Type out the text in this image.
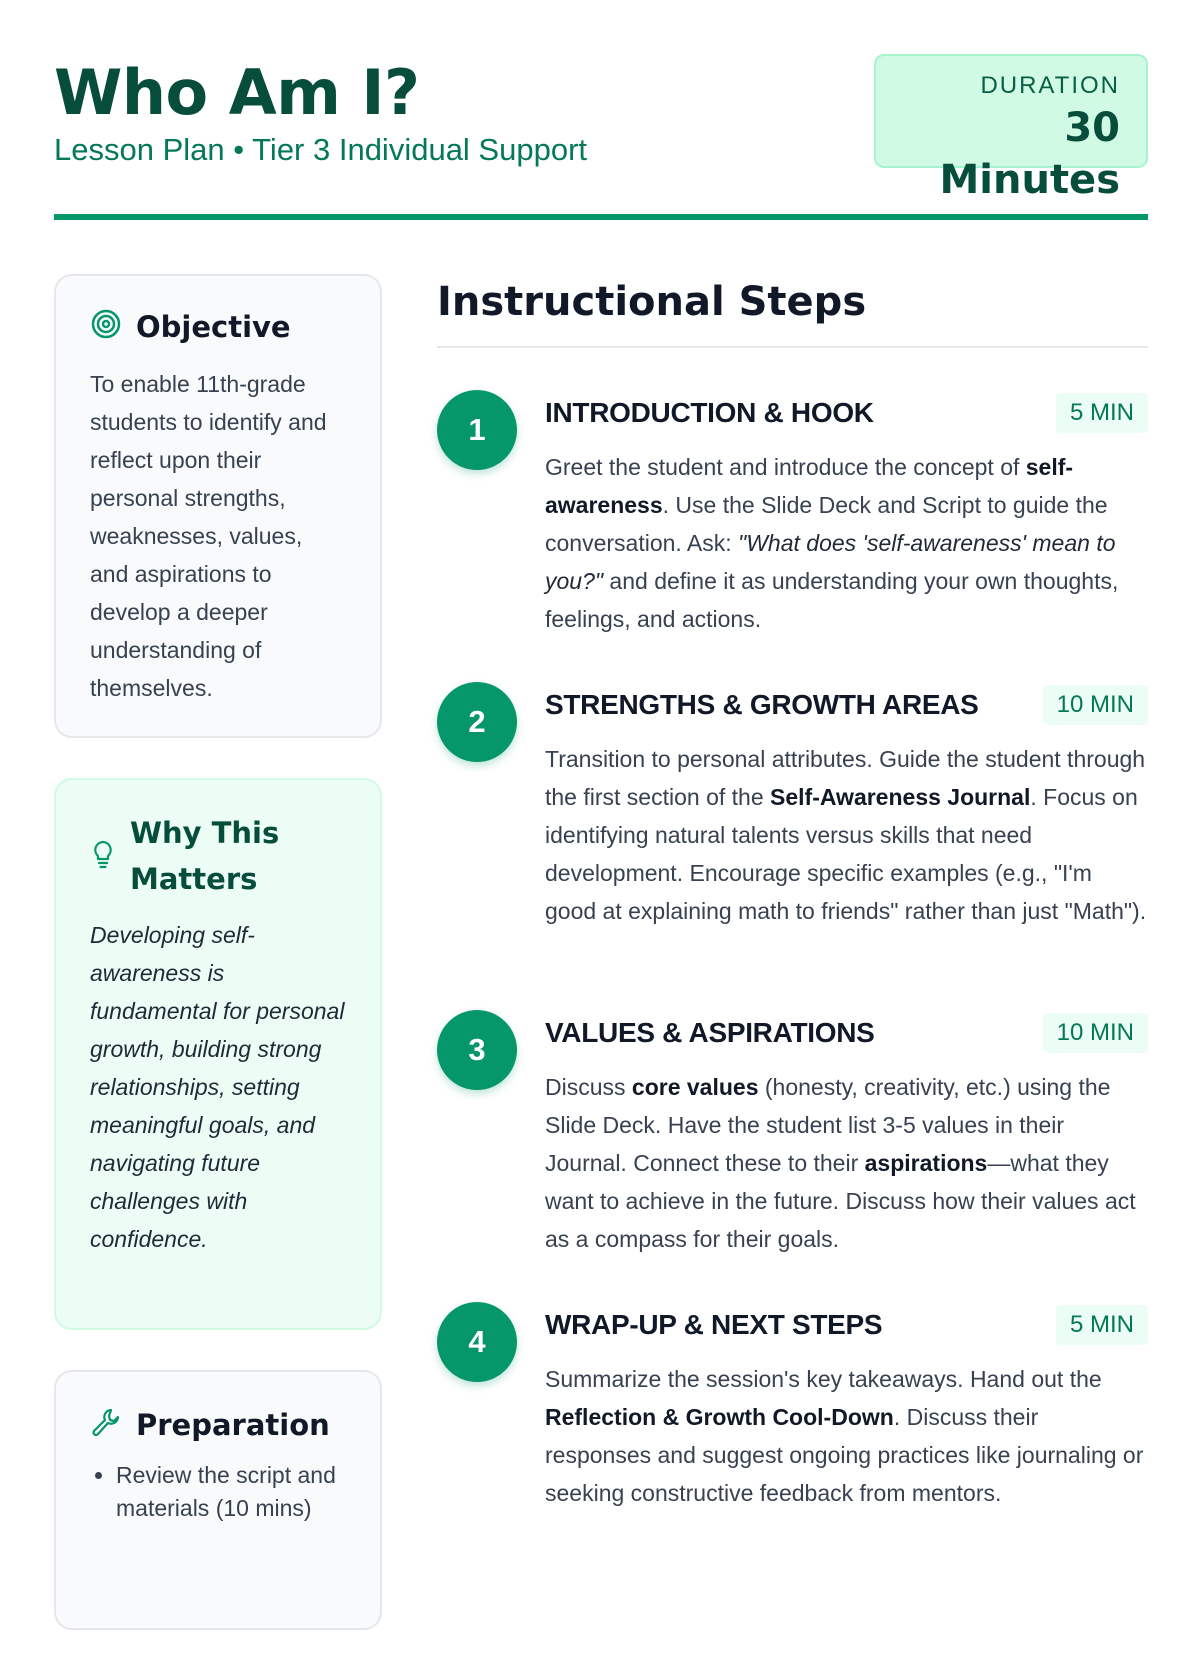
Who Am I?
Lesson Plan • Tier 3 Individual Support
DURATION
30 Minutes
Objective

To enable 11th-grade students to identify and reflect upon their personal strengths, weaknesses, values, and aspirations to develop a deeper understanding of themselves.

Why This Matters

Developing self-awareness is fundamental for personal growth, building strong relationships, setting meaningful goals, and navigating future challenges with confidence.

Preparation
• Review the script and materials (10 mins)
Instructional Steps
1	INTRODUCTION & HOOK	5 MIN

Greet the student and introduce the concept of self-awareness. Use the Slide Deck and Script to guide the conversation. Ask: "What does 'self-awareness' mean to you?" and define it as understanding your own thoughts, feelings, and actions.

2	STRENGTHS & GROWTH AREAS	10 MIN

Transition to personal attributes. Guide the student through the first section of the Self-Awareness Journal. Focus on identifying natural talents versus skills that need development. Encourage specific examples (e.g., "I'm good at explaining math to friends" rather than just "Math").

3	VALUES & ASPIRATIONS	10 MIN

Discuss core values (honesty, creativity, etc.) using the Slide Deck. Have the student list 3-5 values in their Journal. Connect these to their aspirations—what they want to achieve in the future. Discuss how their values act as a compass for their goals.

4	WRAP-UP & NEXT STEPS	5 MIN

Summarize the session's key takeaways. Hand out the Reflection & Growth Cool-Down. Discuss their responses and suggest ongoing practices like journaling or seeking constructive feedback from mentors.
